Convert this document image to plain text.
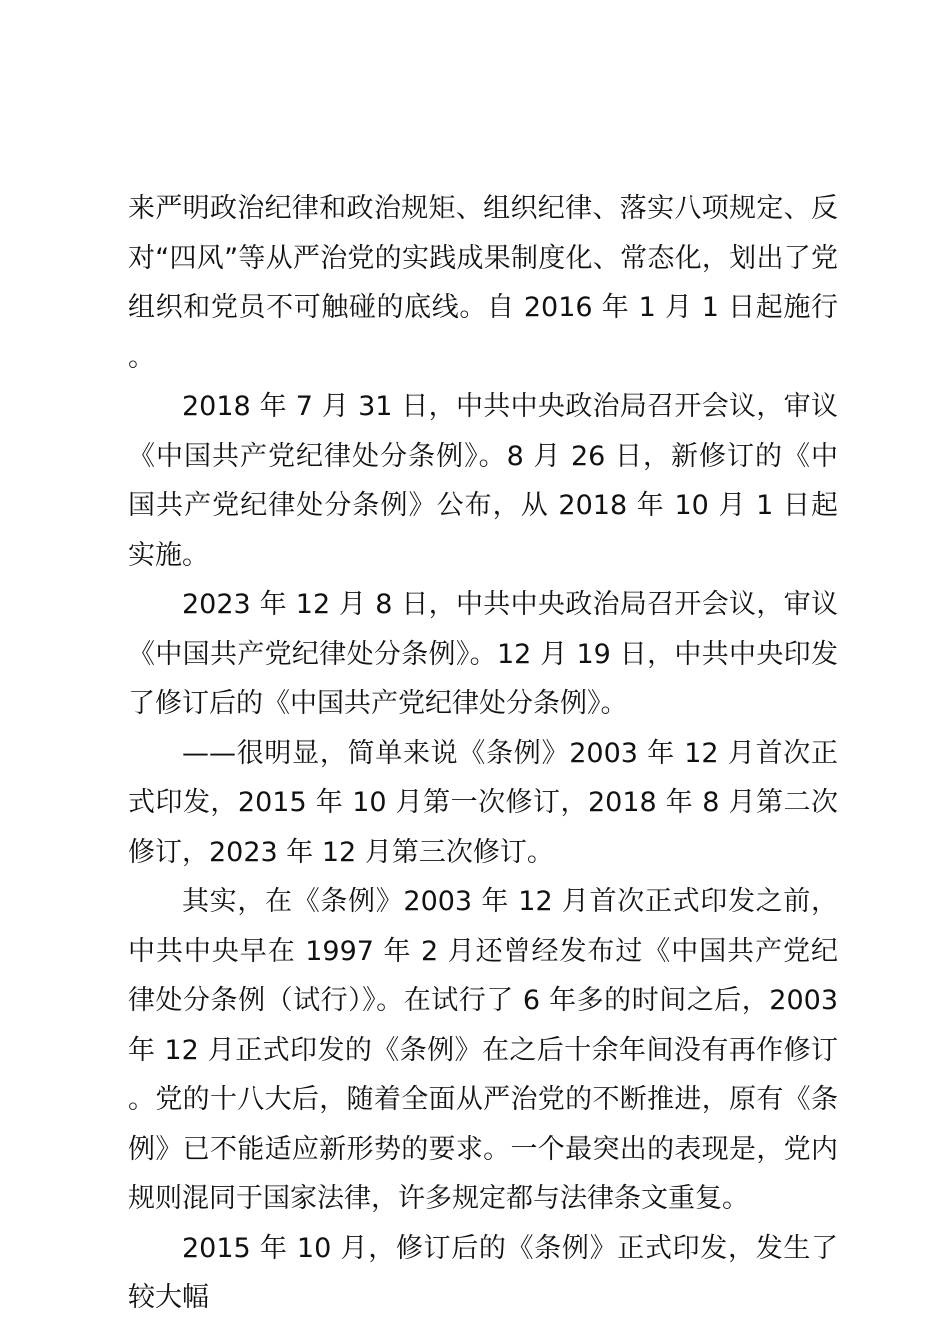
来严明政治纪律和政治规矩、组织纪律、落实八项规定、反对“四风”等从严治党的实践成果制度化、常态化，划出了党组织和党员不可触碰的底线。自 2016 年 1 月 1 日起施行。

2018 年 7 月 31 日，中共中央政治局召开会议，审议《中国共产党纪律处分条例》。8 月 26 日，新修订的《中国共产党纪律处分条例》公布，从 2018 年 10 月 1 日起实施。

2023 年 12 月 8 日，中共中央政治局召开会议，审议《中国共产党纪律处分条例》。12 月 19 日，中共中央印发了修订后的《中国共产党纪律处分条例》。

——很明显，简单来说《条例》2003 年 12 月首次正式印发，2015 年 10 月第一次修订，2018 年 8 月第二次修订，2023 年 12 月第三次修订。

其实，在《条例》2003 年 12 月首次正式印发之前，中共中央早在 1997 年 2 月还曾经发布过《中国共产党纪律处分条例（试行）》。在试行了 6 年多的时间之后，2003 年 12 月正式印发的《条例》在之后十余年间没有再作修订。党的十八大后，随着全面从严治党的不断推进，原有《条例》已不能适应新形势的要求。一个最突出的表现是，党内规则混同于国家法律，许多规定都与法律条文重复。

2015 年 10 月，修订后的《条例》正式印发，发生了较大幅
